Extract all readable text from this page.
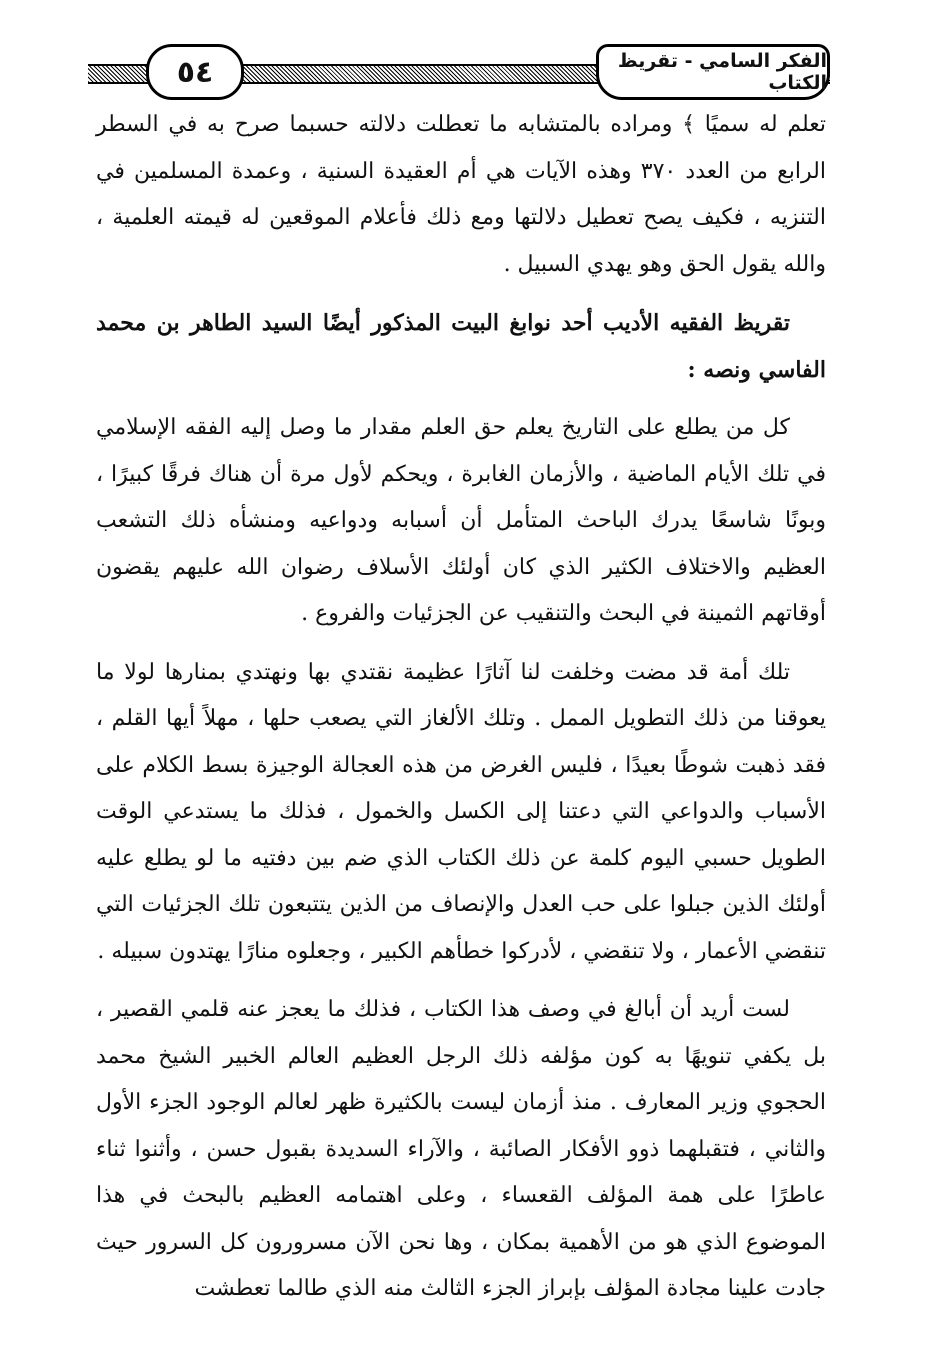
٥٤	الفكر السامي - تقريظ الكتاب

تعلم له سميًا ﴾ ومراده بالمتشابه ما تعطلت دلالته حسبما صرح به في السطر الرابع من العدد ٣٧٠ وهذه الآيات هي أم العقيدة السنية ، وعمدة المسلمين في التنزيه ، فكيف يصح تعطيل دلالتها ومع ذلك فأعلام الموقعين له قيمته العلمية ، والله يقول الحق وهو يهدي السبيل .

تقريظ الفقيه الأديب أحد نوابغ البيت المذكور أيضًا السيد الطاهر بن محمد الفاسي ونصه :

كل من يطلع على التاريخ يعلم حق العلم مقدار ما وصل إليه الفقه الإسلامي في تلك الأيام الماضية ، والأزمان الغابرة ، ويحكم لأول مرة أن هناك فرقًا كبيرًا ، وبونًا شاسعًا يدرك الباحث المتأمل أن أسبابه ودواعيه ومنشأه ذلك التشعب العظيم والاختلاف الكثير الذي كان أولئك الأسلاف رضوان الله عليهم يقضون أوقاتهم الثمينة في البحث والتنقيب عن الجزئيات والفروع .

تلك أمة قد مضت وخلفت لنا آثارًا عظيمة نقتدي بها ونهتدي بمنارها لولا ما يعوقنا من ذلك التطويل الممل . وتلك الألغاز التي يصعب حلها ، مهلاً أيها القلم ، فقد ذهبت شوطًا بعيدًا ، فليس الغرض من هذه العجالة الوجيزة بسط الكلام على الأسباب والدواعي التي دعتنا إلى الكسل والخمول ، فذلك ما يستدعي الوقت الطويل حسبي اليوم كلمة عن ذلك الكتاب الذي ضم بين دفتيه ما لو يطلع عليه أولئك الذين جبلوا على حب العدل والإنصاف من الذين يتتبعون تلك الجزئيات التي تنقضي الأعمار ، ولا تنقضي ، لأدركوا خطأهم الكبير ، وجعلوه منارًا يهتدون سبيله .

لست أريد أن أبالغ في وصف هذا الكتاب ، فذلك ما يعجز عنه قلمي القصير ، بل يكفي تنويهًا به كون مؤلفه ذلك الرجل العظيم العالم الخبير الشيخ محمد الحجوي وزير المعارف . منذ أزمان ليست بالكثيرة ظهر لعالم الوجود الجزء الأول والثاني ، فتقبلهما ذوو الأفكار الصائبة ، والآراء السديدة بقبول حسن ، وأثنوا ثناء عاطرًا على همة المؤلف القعساء ، وعلى اهتمامه العظيم بالبحث في هذا الموضوع الذي هو من الأهمية بمكان ، وها نحن الآن مسرورون كل السرور حيث جادت علينا مجادة المؤلف بإبراز الجزء الثالث منه الذي طالما تعطشت
